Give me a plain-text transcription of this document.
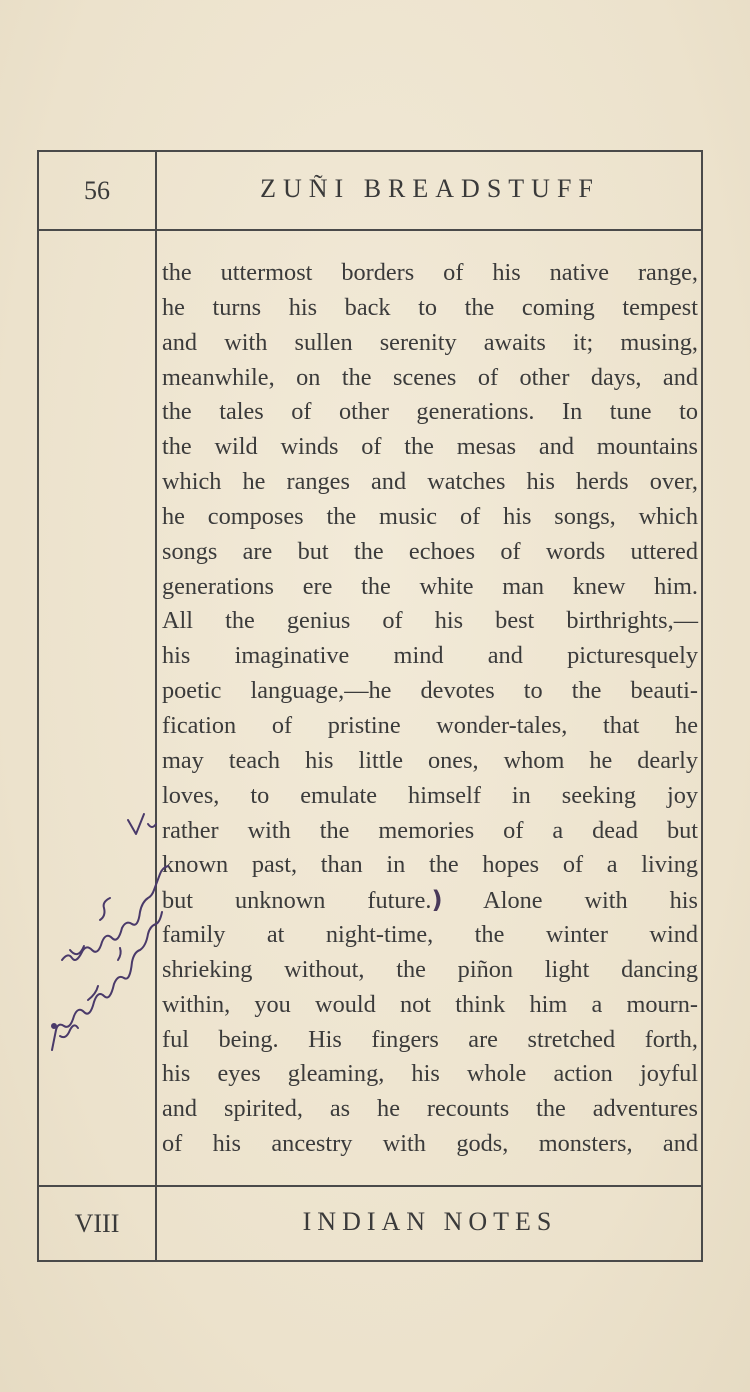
56	ZUÑI BREADSTUFF
the uttermost borders of his native range,
he turns his back to the coming tempest
and with sullen serenity awaits it; musing,
meanwhile, on the scenes of other days, and
the tales of other generations. In tune to
the wild winds of the mesas and mountains
which he ranges and watches his herds over,
he composes the music of his songs, which
songs are but the echoes of words uttered
generations ere the white man knew him.
All the genius of his best birthrights,—
his imaginative mind and picturesquely
poetic language,—he devotes to the beauti-
fication of pristine wonder-tales, that he
may teach his little ones, whom he dearly
loves, to emulate himself in seeking joy
rather with the memories of a dead but
known past, than in the hopes of a living
but unknown future.) Alone with his
family at night-time, the winter wind
shrieking without, the piñon light dancing
within, you would not think him a mourn-
ful being. His fingers are stretched forth,
his eyes gleaming, his whole action joyful
and spirited, as he recounts the adventures
of his ancestry with gods, monsters, and
VIII	INDIAN NOTES
